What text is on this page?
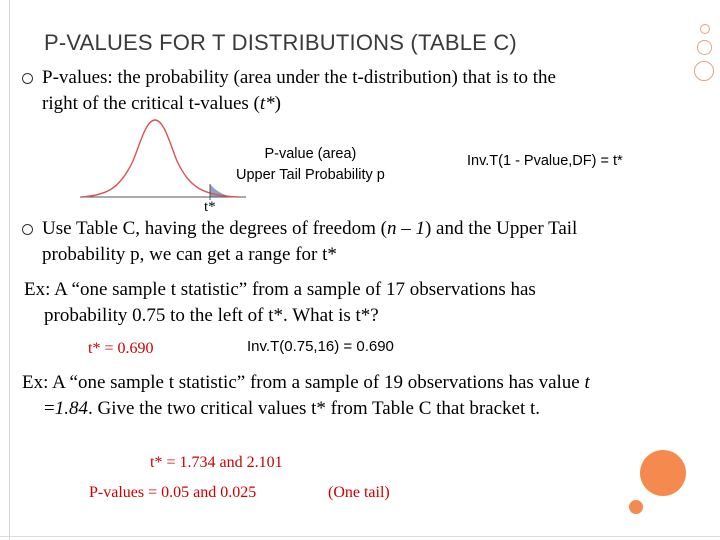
P-VALUES FOR T DISTRIBUTIONS (TABLE C)
P-values: the probability (area under the t-distribution) that is to the
right of the critical t-values (t*)
P-value (area)
Upper Tail Probability p
Inv.T(1 - Pvalue,DF) = t*
t*
Use Table C, having the degrees of freedom (n – 1) and the Upper Tail
probability p, we can get a range for t*
Ex: A “one sample t statistic” from a sample of 17 observations has
probability 0.75 to the left of t*. What is t*?
t* = 0.690	Inv.T(0.75,16) = 0.690
Ex: A “one sample t statistic” from a sample of 19 observations has value t
=1.84. Give the two critical values t* from Table C that bracket t.
t* = 1.734 and 2.101
P-values = 0.05 and 0.025	(One tail)
